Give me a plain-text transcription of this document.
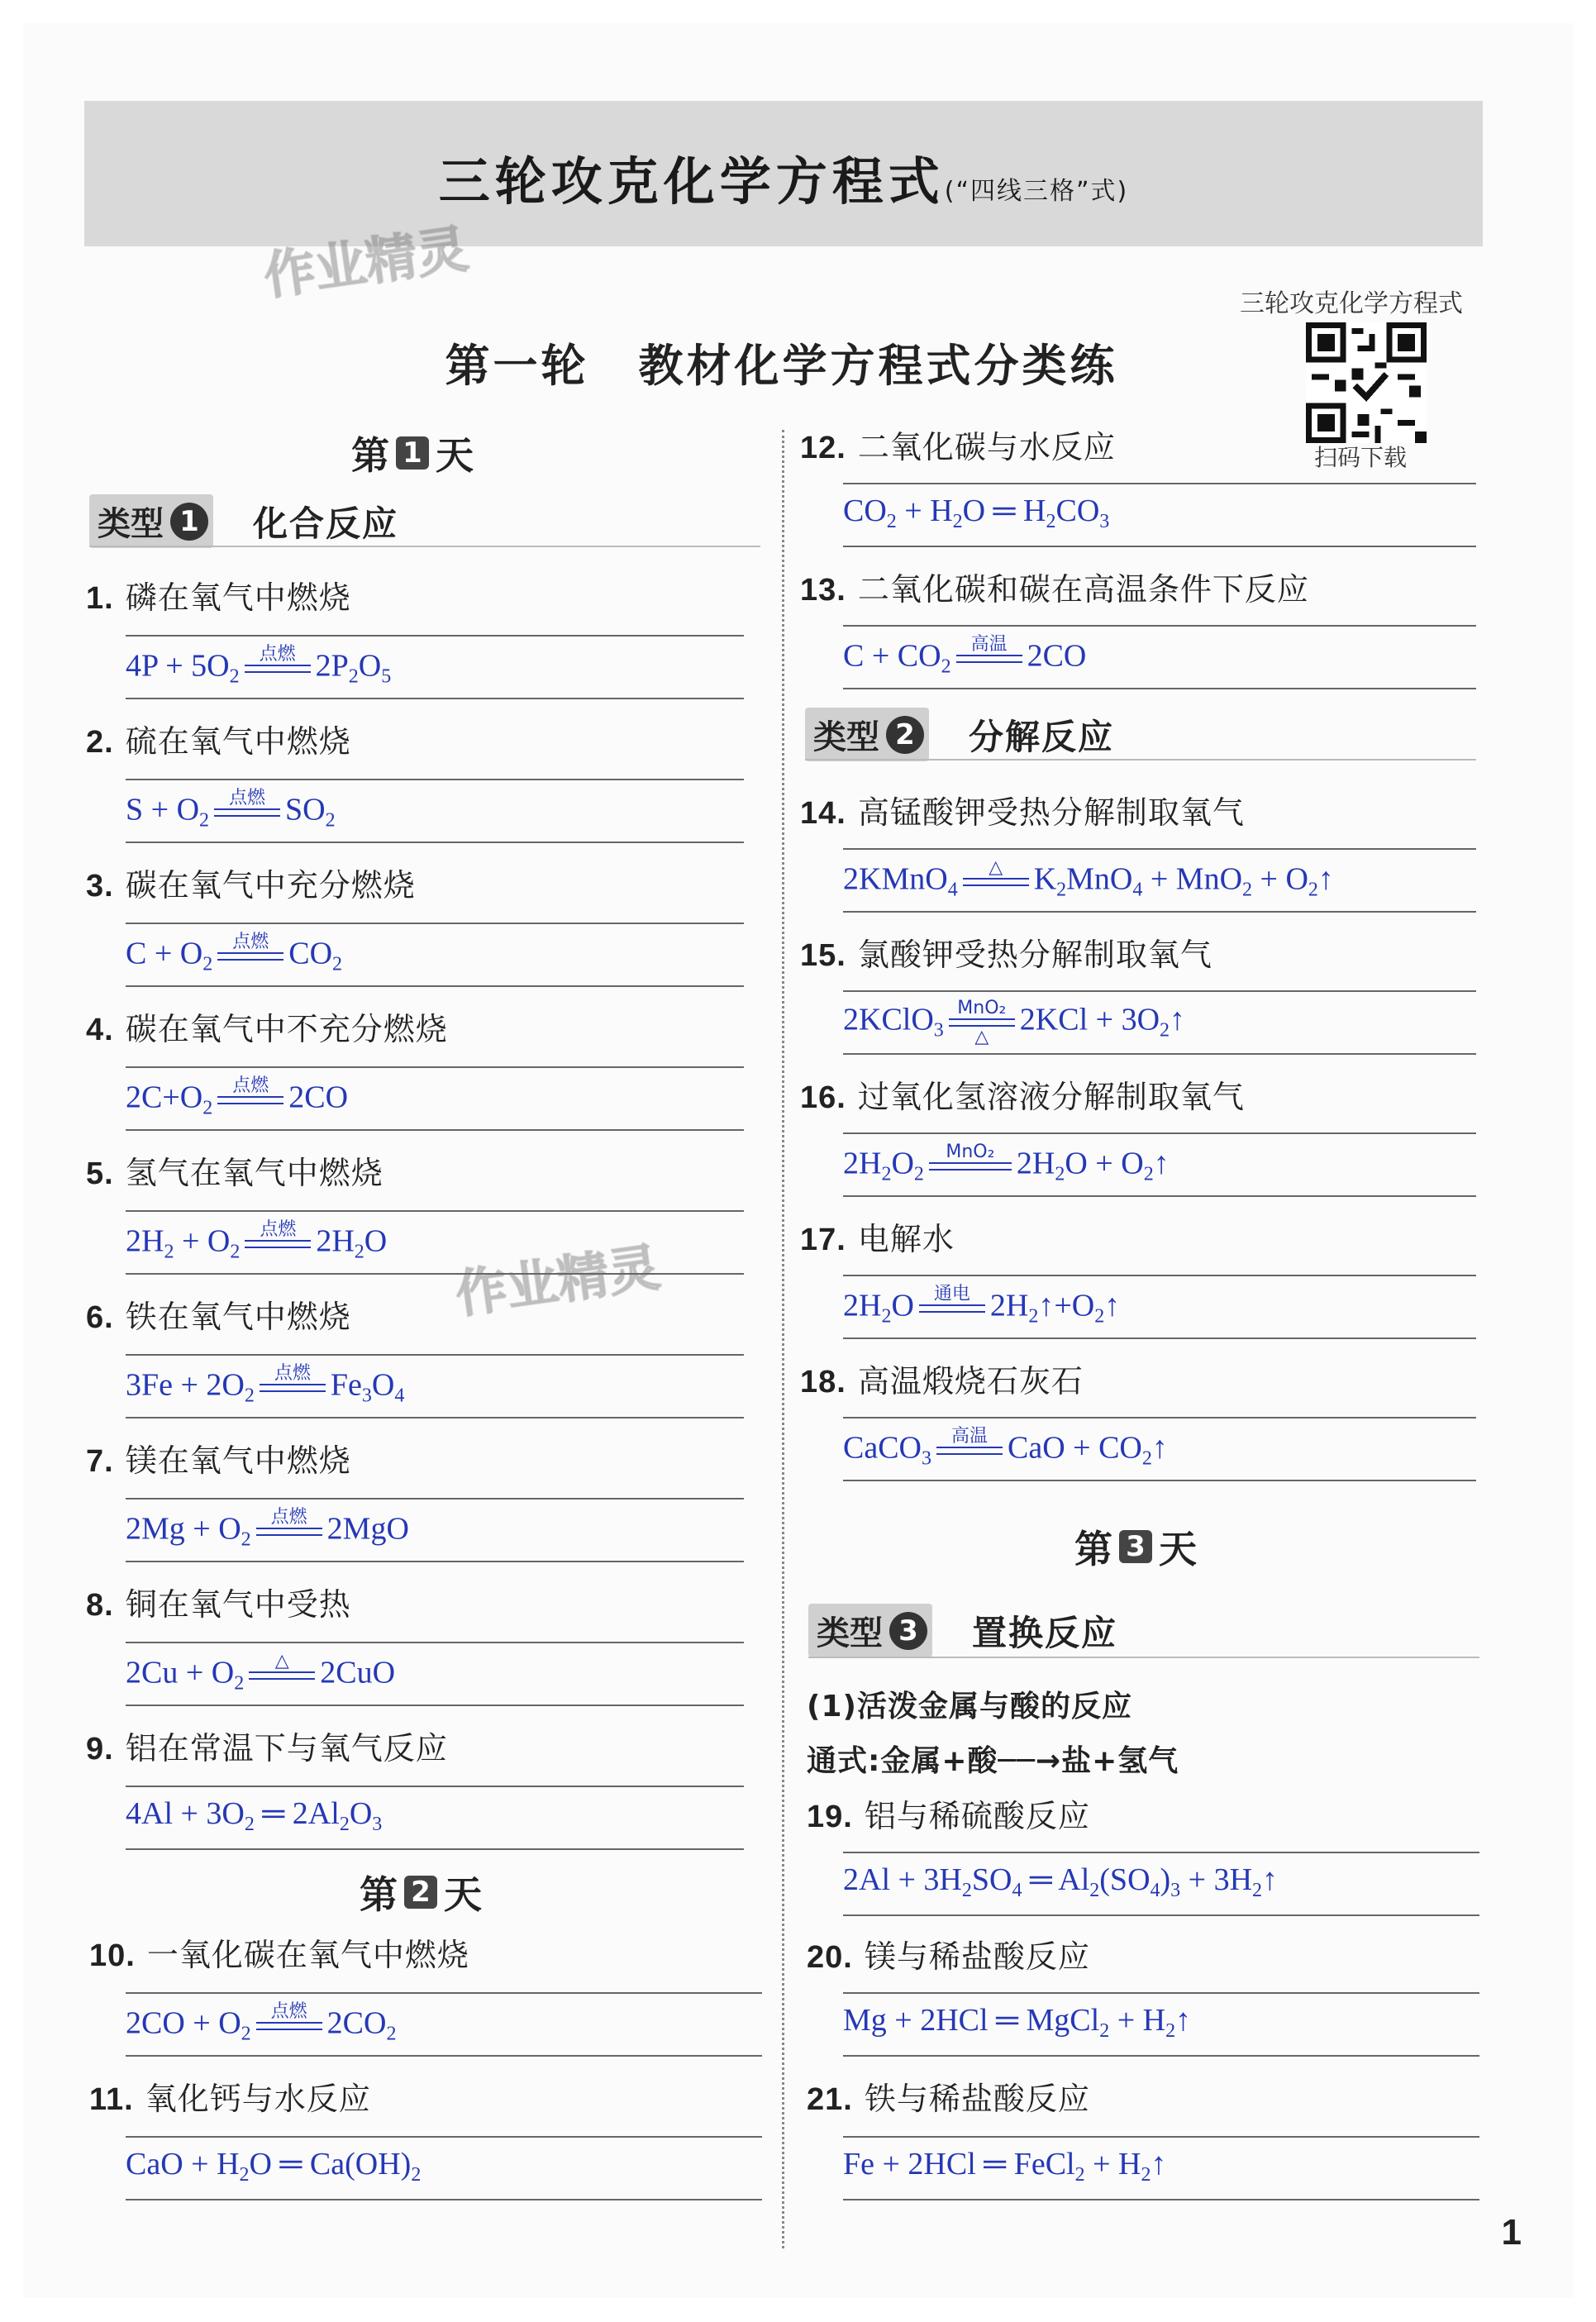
三轮攻克化学方程式(“四线三格”式)
作业精灵
作业精灵
三轮攻克化学方程式
扫码下载
第一轮 教材化学方程式分类练
第 1 天
类型 1 化合反应
1. 磷在氧气中燃烧
$4P + 5O_2$
点燃 $2P_2O_5$
2. 硫在氧气中燃烧
$S + O_2$
点燃 $SO_2$
3. 碳在氧气中充分燃烧
$C + O_2$
点燃 $CO_2$
4. 碳在氧气中不充分燃烧
$2C+O_2$
点燃 2CO
5. 氢气在氧气中燃烧
$2H_2 + O_2$
点燃 $2H_2O$
6. 铁在氧气中燃烧
$3Fe + 2O_2$
点燃 $Fe_3O_4$
7. 镁在氧气中燃烧
$2Mg + O_2$
点燃 2MgO
8. 铜在氧气中受热
$2Cu + O_2$
△ 2CuO
9. 铝在常温下与氧气反应
$4Al + 3O_2$ ═ $2Al_2O_3$
第 2 天
10. 一氧化碳在氧气中燃烧
$2CO + O_2$
点燃 $2CO_2$
11. 氧化钙与水反应
CaO + $H_2O$ ═ $Ca(OH)_2$
12. 二氧化碳与水反应
$CO_2 + H_2O$ ═ $H_2CO_3$
13. 二氧化碳和碳在高温条件下反应
$C + CO_2$
高温 2CO
类型 2 分解反应
14. 高锰酸钾受热分解制取氧气
2KMnO$_4$
△ $K_2MnO_4 + MnO_2$ + $O_2↑$
15. 氯酸钾受热分解制取氧气
2KClO$_3$
MnO₂
△ $2KCl + 3O_2↑$
16. 过氧化氢溶液分解制取氧气
$2H_2O_2$
MnO₂ $2H_2O$ + $O_2↑$
17. 电解水
$2H_2O$ 通电 $2H_2↑+O_2↑$
18. 高温煅烧石灰石
CaCO$_3$
高温 CaO + $CO_2↑$
第 3 天
类型 3 置换反应
(1)活泼金属与酸的反应
通式:金属+酸──→盐+氢气
19. 铝与稀硫酸反应
$2Al + 3H_2SO_4$ ═ $Al_2(SO_4)_3$ + $3H_2↑$
20. 镁与稀盐酸反应
Mg + 2HCl ═ MgCl$_2$ + $H_2↑$
21. 铁与稀盐酸反应
Fe + 2HCl ═ FeCl$_2$ + $H_2↑$
1
